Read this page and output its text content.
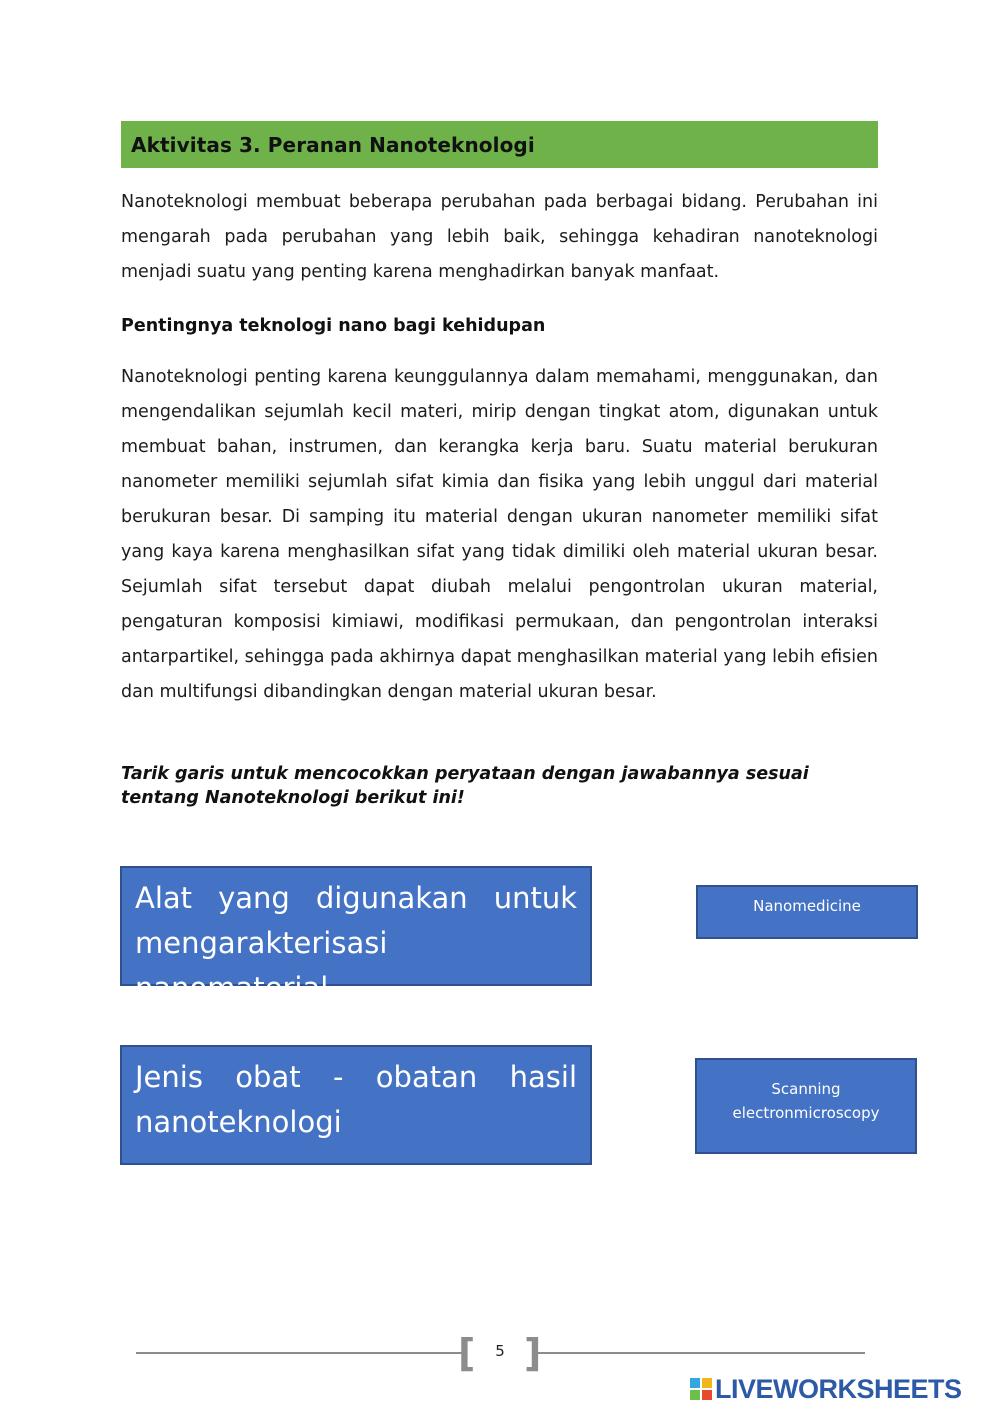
Aktivitas 3. Peranan Nanoteknologi

Nanoteknologi membuat beberapa perubahan pada berbagai bidang. Perubahan ini mengarah pada perubahan yang lebih baik, sehingga kehadiran nanoteknologi menjadi suatu yang penting karena menghadirkan banyak manfaat.

Pentingnya teknologi nano bagi kehidupan

Nanoteknologi penting karena keunggulannya dalam memahami, menggunakan, dan mengendalikan sejumlah kecil materi, mirip dengan tingkat atom, digunakan untuk membuat bahan, instrumen, dan kerangka kerja baru. Suatu material berukuran nanometer memiliki sejumlah sifat kimia dan fisika yang lebih unggul dari material berukuran besar. Di samping itu material dengan ukuran nanometer memiliki sifat yang kaya karena menghasilkan sifat yang tidak dimiliki oleh material ukuran besar. Sejumlah sifat tersebut dapat diubah melalui pengontrolan ukuran material, pengaturan komposisi kimiawi, modifikasi permukaan, dan pengontrolan interaksi antarpartikel, sehingga pada akhirnya dapat menghasilkan material yang lebih efisien dan multifungsi dibandingkan dengan material ukuran besar.

Tarik garis untuk mencocokkan peryataan dengan jawabannya sesuai tentang Nanoteknologi berikut ini!

Alat yang digunakan untuk mengarakterisasi nanomaterial
Jenis obat - obatan hasil nanoteknologi
Nanomedicine
Scanning electronmicroscopy
[ ]
5
LIVEWORKSHEETS
